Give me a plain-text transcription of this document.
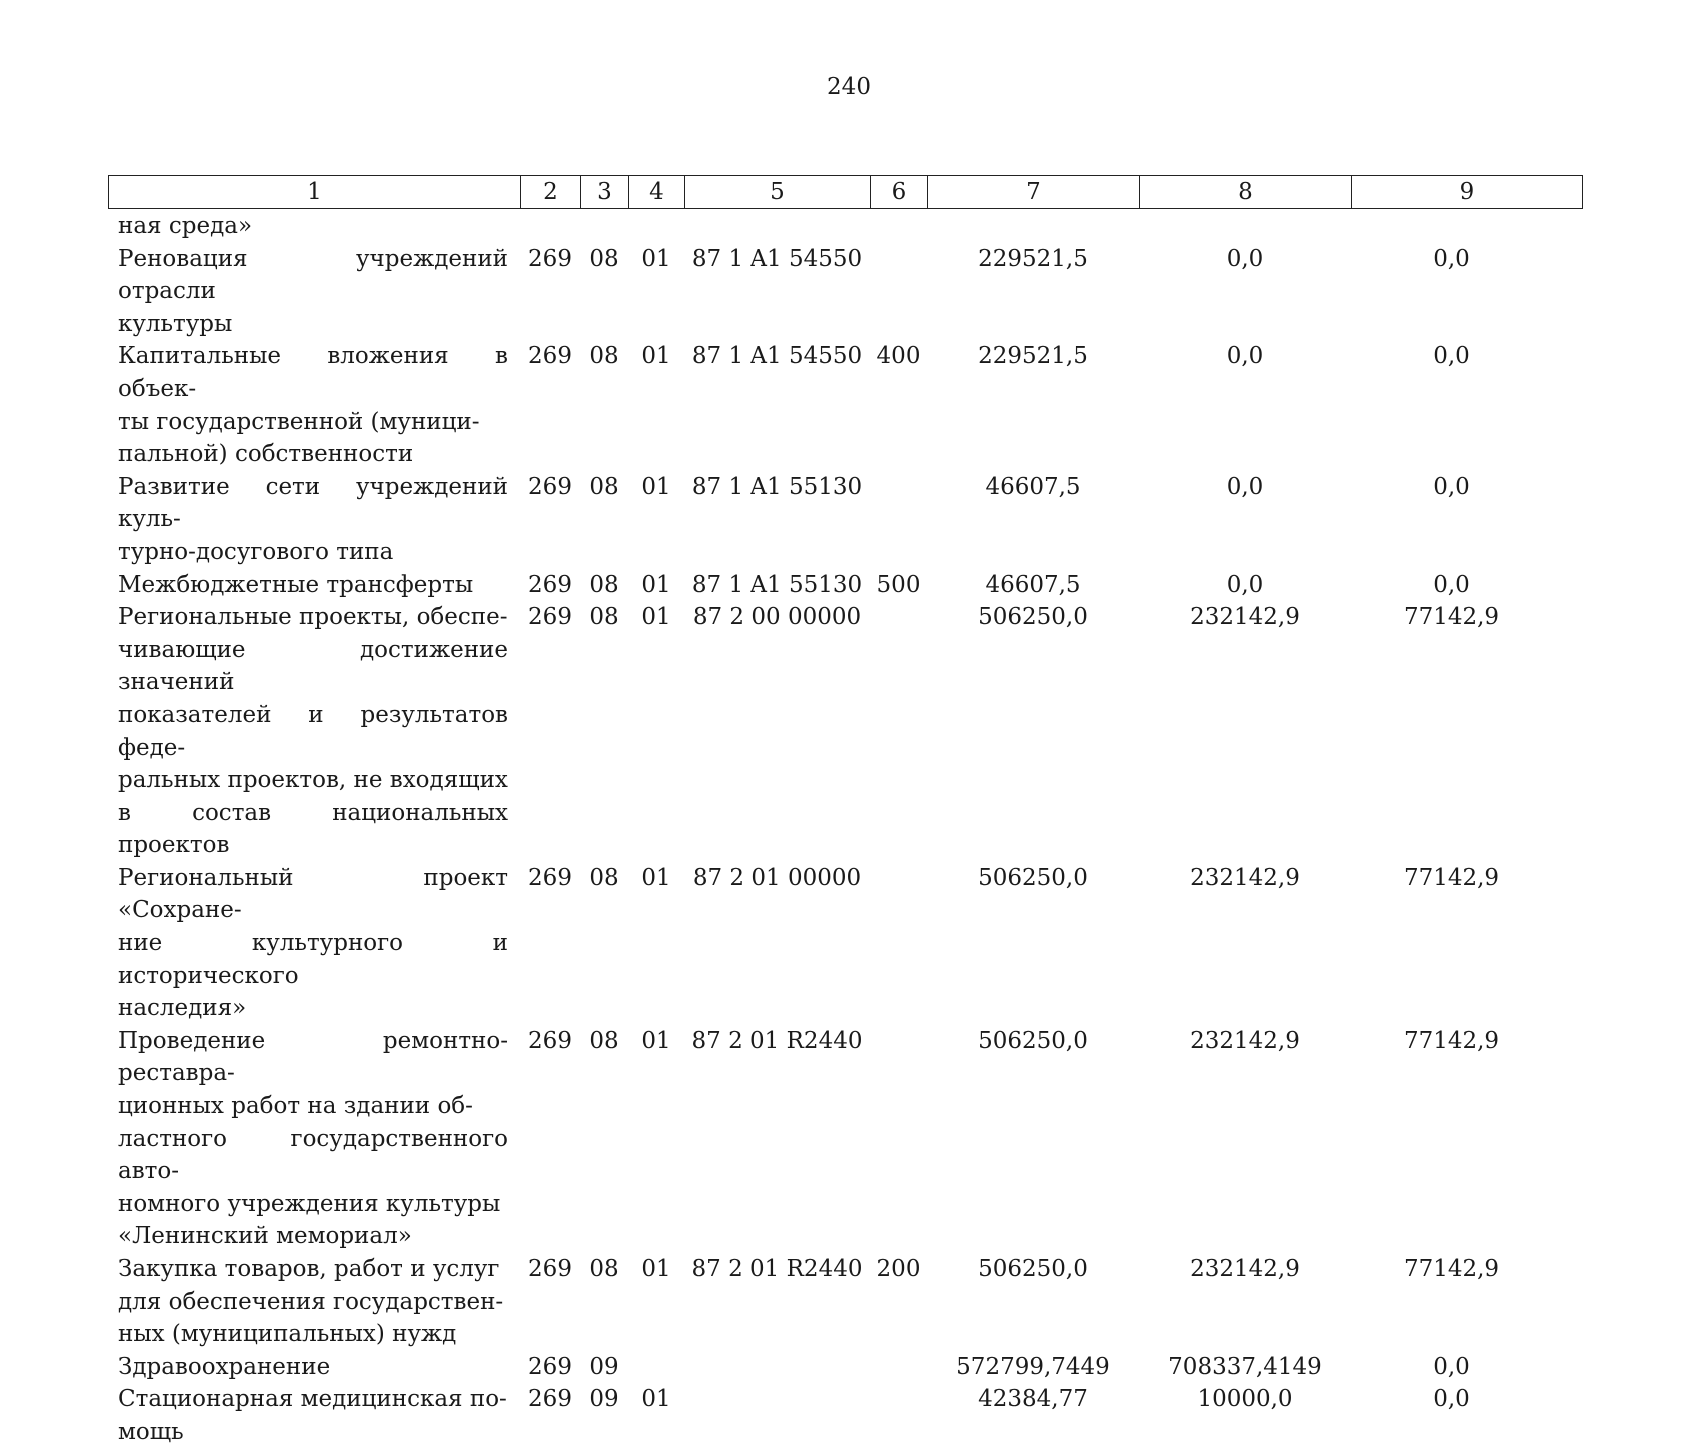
240
1	2	3	4	5	6	7	8	9
ная среда»
Реновация учреждений отрасли
культуры
269 08 01 87 1 A1 54550	229521,5	0,0	0,0
Капитальные вложения в объек-
ты государственной (муници-
пальной) собственности
269 08 01 87 1 A1 54550 400	229521,5	0,0	0,0
Развитие сети учреждений куль-
турно-досугового типа
269 08 01 87 1 A1 55130	46607,5	0,0	0,0
Межбюджетные трансферты	269 08 01 87 1 A1 55130 500	46607,5	0,0	0,0
Региональные проекты, обеспе-
чивающие достижение значений
показателей и результатов феде-
ральных проектов, не входящих
в состав национальных проектов
269 08 01 87 2 00 00000	506250,0	232142,9	77142,9
Региональный проект «Сохране-
ние культурного и исторического
наследия»
269 08 01 87 2 01 00000	506250,0	232142,9	77142,9
Проведение ремонтно-реставра-
ционных работ на здании об-
ластного государственного авто-
номного учреждения культуры
«Ленинский мемориал»
269 08 01 87 2 01 R2440	506250,0	232142,9	77142,9
Закупка товаров, работ и услуг
для обеспечения государствен-
ных (муниципальных) нужд
269 08 01 87 2 01 R2440 200	506250,0	232142,9	77142,9
Здравоохранение	269 09	572799,7449	708337,4149	0,0
Стационарная медицинская по-
мощь
269 09 01	42384,77	10000,0	0,0
